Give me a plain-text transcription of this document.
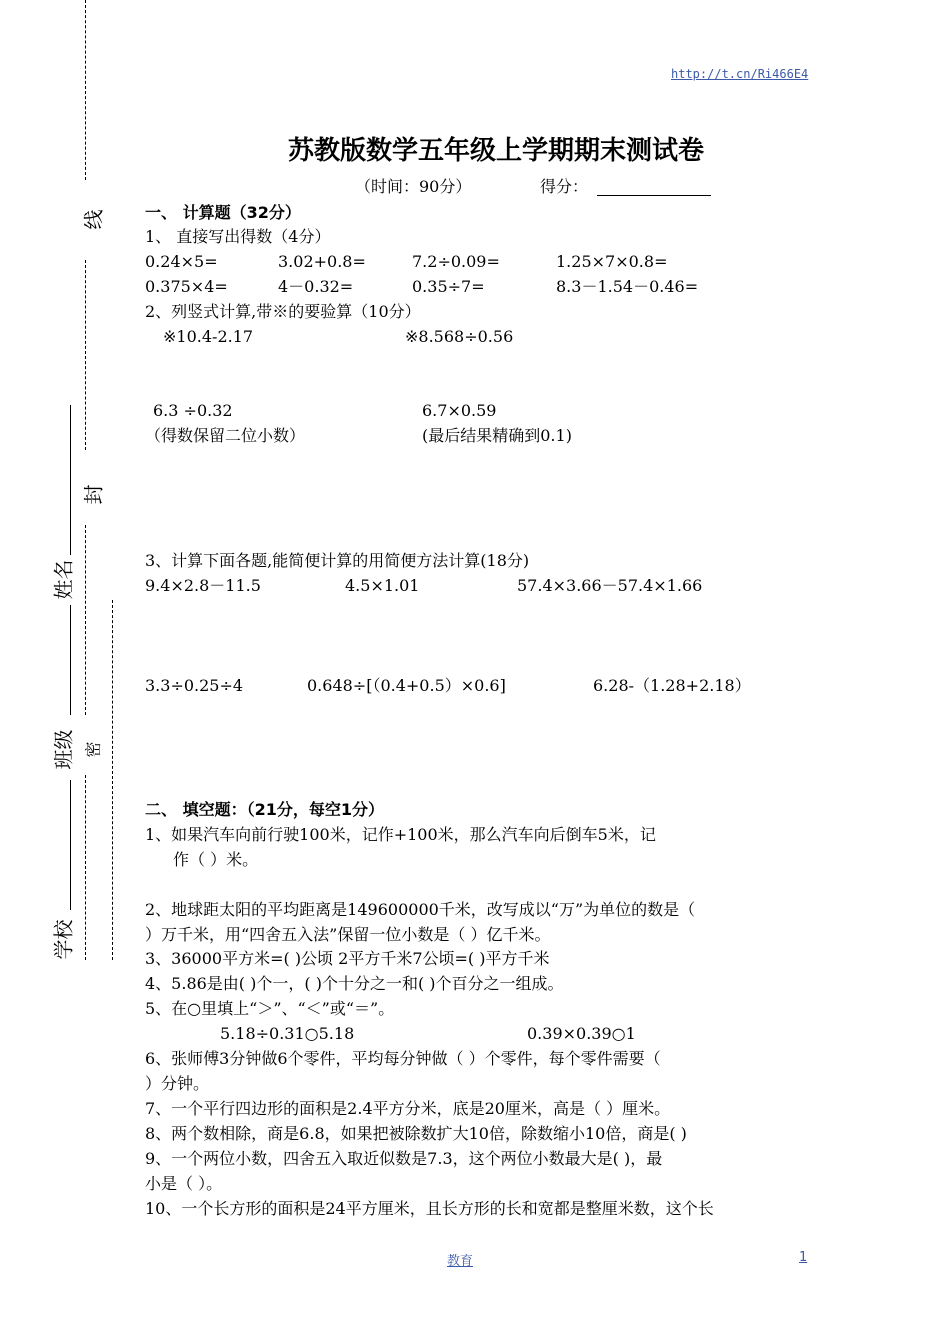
http://t.cn/Ri466E4
线
封
密
姓名
班级
学校
苏教版数学五年级上学期期末测试卷
（时间：90分）	得分：
一、 计算题（32分）
1、 直接写出得数（4分）
0.24×5=	3.02+0.8=	7.2÷0.09=	1.25×7×0.8=
0.375×4=	4－0.32=	0.35÷7=	8.3－1.54－0.46=
2、列竖式计算,带※的要验算（10分）
※10.4-2.17	※8.568÷0.56
6.3 ÷0.32	6.7×0.59
（得数保留二位小数）	(最后结果精确到0.1)
3、计算下面各题,能简便计算的用简便方法计算(18分)
9.4×2.8－11.5	4.5×1.01	57.4×3.66－57.4×1.66
3.3÷0.25÷4	0.648÷[（0.4+0.5）×0.6]	6.28-（1.28+2.18）
二、 填空题：（21分，每空1分）
1、如果汽车向前行驶100米，记作+100米，那么汽车向后倒车5米，记
作（ ）米。
2、地球距太阳的平均距离是149600000千米，改写成以“万”为单位的数是（
）万千米，用“四舍五入法”保留一位小数是（ ）亿千米。
3、36000平方米=( )公顷 2平方千米7公顷=( )平方千米
4、5.86是由( )个一，( )个十分之一和( )个百分之一组成。
5、在○里填上“＞”、“＜”或“＝”。
5.18÷0.31○5.18	0.39×0.39○1
6、张师傅3分钟做6个零件，平均每分钟做（ ）个零件，每个零件需要（
）分钟。
7、一个平行四边形的面积是2.4平方分米，底是20厘米，高是（ ）厘米。
8、两个数相除，商是6.8，如果把被除数扩大10倍，除数缩小10倍，商是( )
9、一个两位小数，四舍五入取近似数是7.3，这个两位小数最大是( )，最
小是（ ）。
10、一个长方形的面积是24平方厘米，且长方形的长和宽都是整厘米数，这个长
教育	1
